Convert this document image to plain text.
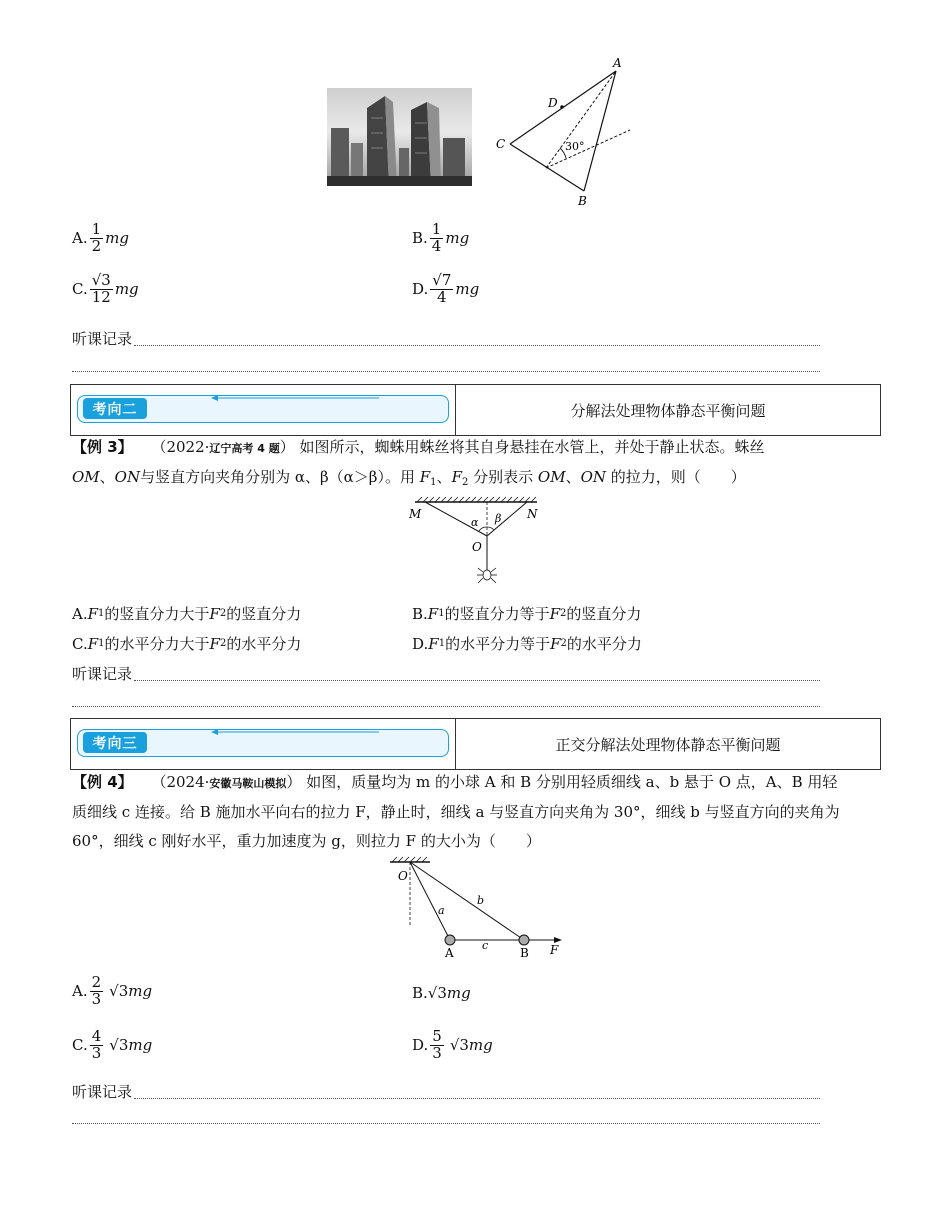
A
B
C
D
30°
A. $\frac{1}{2}$ mg	B. $\frac{1}{4}$ mg
C. $\frac{√3}{12}$ mg	D. $\frac{√7}{4}$ mg
听课记录
考向二	分解法处理物体静态平衡问题
【例 3】 （2022·辽宁高考 4 题） 如图所示，蜘蛛用蛛丝将其自身悬挂在水管上，并处于静止状态。蛛丝
OM、ON与竖直方向夹角分别为 α、β（α＞β）。用 $F_1$、$F_2$ 分别表示 OM、ON 的拉力，则（　　）
M	N
O
α β
A. F 1 的竖直分力大于 F 2 的竖直分力	B. F 1 的竖直分力等于 F 2 的竖直分力
C. F 1 的水平分力大于 F 2 的水平分力	D. F 1 的水平分力等于 F 2 的水平分力
听课记录
考向三	正交分解法处理物体静态平衡问题
【例 4】 （2024·安徽马鞍山模拟） 如图，质量均为 m 的小球 A 和 B 分别用轻质细线 a、b 悬于 O 点，A、B 用轻
质细线 c 连接。给 B 施加水平向右的拉力 F，静止时，细线 a 与竖直方向夹角为 30°，细线 b 与竖直方向的夹角为
60°，细线 c 刚好水平，重力加速度为 g，则拉力 F 的大小为（　　）
O
A	B
a
b
c	F
A. $\frac{2}{3} √3$ mg	B. √3 mg
C. $\frac{4}{3} √3$ mg	D. $\frac{5}{3} √3$ mg
听课记录
